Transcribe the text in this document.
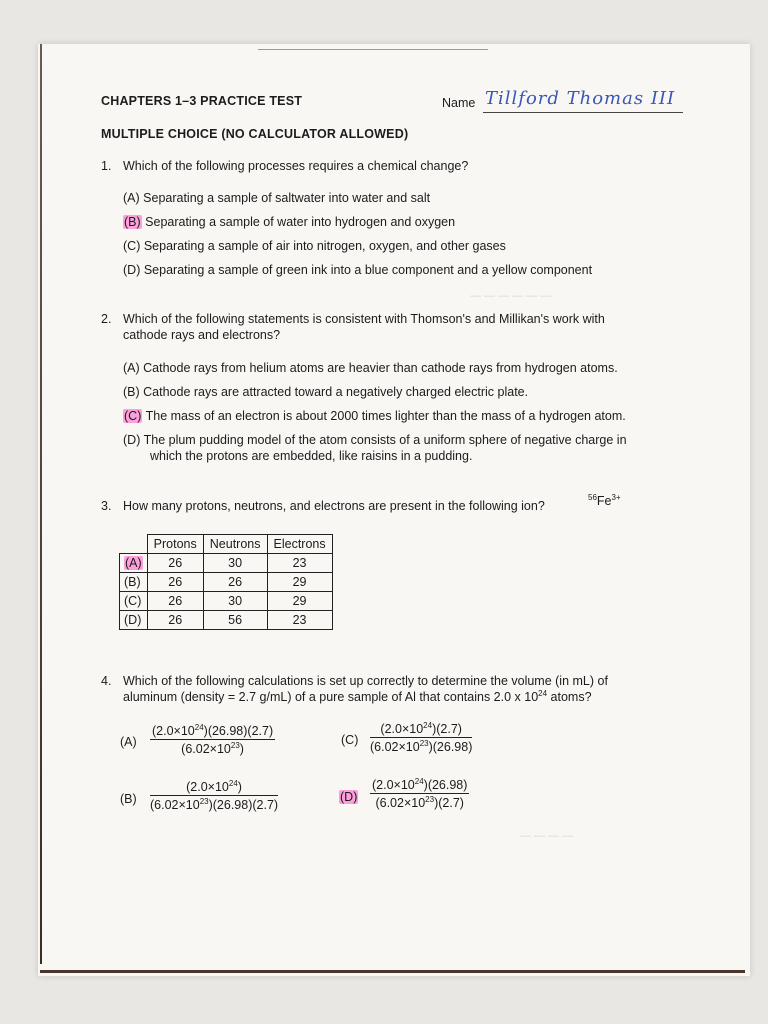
— — — — — —
— — — —
CHAPTERS 1–3 PRACTICE TEST	Name Tillford Thomas III
MULTIPLE CHOICE (NO CALCULATOR ALLOWED)
1. Which of the following processes requires a chemical change?
(A) Separating a sample of saltwater into water and salt
(B) Separating a sample of water into hydrogen and oxygen
(C) Separating a sample of air into nitrogen, oxygen, and other gases
(D) Separating a sample of green ink into a blue component and a yellow component
2. Which of the following statements is consistent with Thomson's and Millikan's work with
cathode rays and electrons?
(A) Cathode rays from helium atoms are heavier than cathode rays from hydrogen atoms.
(B) Cathode rays are attracted toward a negatively charged electric plate.
(C) The mass of an electron is about 2000 times lighter than the mass of a hydrogen atom.
(D) The plum pudding model of the atom consists of a uniform sphere of negative charge in
which the protons are embedded, like raisins in a pudding.
3. How many protons, neutrons, and electrons are present in the following ion?
$^{56}Fe^{3+}$
	Protons	Neutrons	Electrons
(A)	26	30	23
(B)	26	26	29
(C)	26	30	29
(D)	26	56	23
4. Which of the following calculations is set up correctly to determine the volume (in mL) of
aluminum (density = 2.7 g/mL) of a pure sample of Al that contains 2.0 x $10^{24}$ atoms?
$(A) \frac{(2.0\times 10^{24})(26.98)(2.7)}{(6.02\times 10^{23})}$	$(C) \frac{(2.0\times 10^{24})(2.7)}{(6.02\times 10^{23})(26.98)}$
$(B) \frac{(2.0\times 10^{24})}{(6.02\times 10^{23})(26.98)(2.7)}$	$(D) \frac{(2.0\times 10^{24})(26.98)}{(6.02\times 10^{23})(2.7)}$
